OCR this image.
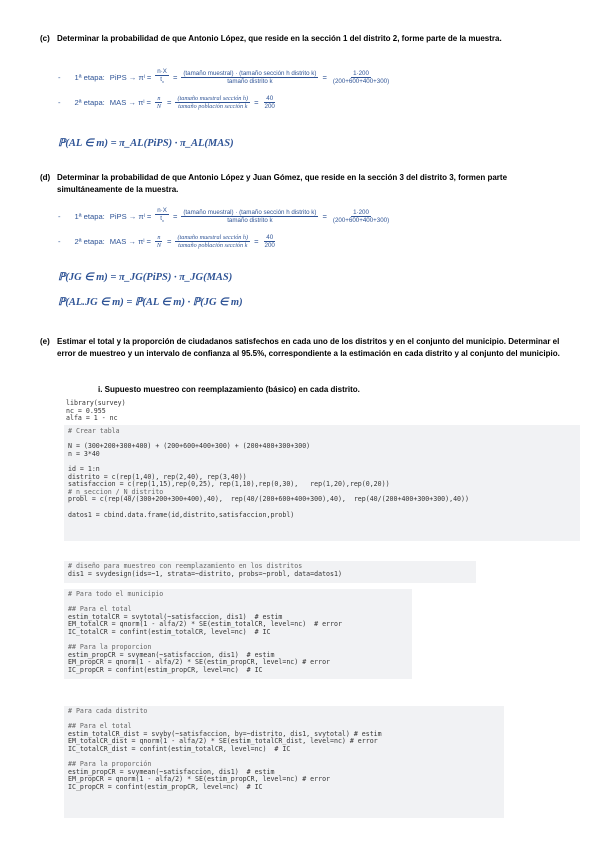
(c) Determinar la probabilidad de que Antonio López, que reside en la sección 1 del distrito 2, forme parte de la muestra.
- 1ª etapa: PiPS → π $i = \frac{n\cdot X}{t_x} = \frac{\text{(tamaño muestral) · (tamaño sección h distrito k)}}{\text{tamaño distrito k}} = \frac{1\cdot 200}{(200+600+400+300)}$
- 2ª etapa: MAS → π $i = \frac{n}{N} = \frac{\text{(tamaño muestral sección h)}}{\text{tamaño población sección k}} = \frac{40}{200}$
ℙ(AL ∈ m) = π_AL(PiPS) · π_AL(MAS)
(d) Determinar la probabilidad de que Antonio López y Juan Gómez, que reside en la sección 3 del distrito 3, formen parte simultáneamente de la muestra.
- 1ª etapa: PiPS → π $i = \frac{n\cdot X}{t_x} = \frac{\text{(tamaño muestral) · (tamaño sección h distrito k)}}{\text{tamaño distrito k}} = \frac{1\cdot 200}{(200+600+400+300)}$
- 2ª etapa: MAS → π $i = \frac{n}{N} = \frac{\text{(tamaño muestral sección h)}}{\text{tamaño población sección k}} = \frac{40}{200}$
ℙ(JG ∈ m) = π_JG(PiPS) · π_JG(MAS)
ℙ(AL.JG ∈ m) = ℙ(AL ∈ m) · ℙ(JG ∈ m)
(e) Estimar el total y la proporción de ciudadanos satisfechos en cada uno de los distritos y en el conjunto del municipio. Determinar el error de muestreo y un intervalo de confianza al 95.5%, correspondiente a la estimación en cada distrito y al conjunto del municipio.
i. Supuesto muestreo con reemplazamiento (básico) en cada distrito.
library(survey)
nc = 0.955
alfa = 1 - nc
# Crear tabla

N = (300+200+300+400) + (200+600+400+300) + (200+400+300+300)
n = 3*40

id = 1:n
distrito = c(rep(1,40), rep(2,40), rep(3,40))
satisfaccion = c(rep(1,15),rep(0,25), rep(1,10),rep(0,30),   rep(1,20),rep(0,20))
# n_seccion / N_distrito
probl = c(rep(40/(300+200+300+400),40),  rep(40/(200+600+400+300),40),  rep(40/(200+400+300+300),40))

datos1 = cbind.data.frame(id,distrito,satisfaccion,probl)
# diseño para muestreo con reemplazamiento en los distritos
dis1 = svydesign(ids=~1, strata=~distrito, probs=~probl, data=datos1)
# Para todo el municipio

## Para el total
estim_totalCR = svytotal(~satisfaccion, dis1)  # estim
EM_totalCR = qnorm(1 - alfa/2) * SE(estim_totalCR, level=nc)  # error
IC_totalCR = confint(estim_totalCR, level=nc)  # IC

## Para la proporcion
estim_propCR = svymean(~satisfaccion, dis1)  # estim
EM_propCR = qnorm(1 - alfa/2) * SE(estim_propCR, level=nc) # error
IC_propCR = confint(estim_propCR, level=nc)  # IC
# Para cada distrito

## Para el total
estim_totalCR_dist = svyby(~satisfaccion, by=~distrito, dis1, svytotal) # estim
EM_totalCR_dist = qnorm(1 - alfa/2) * SE(estim_totalCR_dist, level=nc) # error
IC_totalCR_dist = confint(estim_totalCR, level=nc)  # IC

## Para la proporción
estim_propCR = svymean(~satisfaccion, dis1)  # estim
EM_propCR = qnorm(1 - alfa/2) * SE(estim_propCR, level=nc) # error
IC_propCR = confint(estim_propCR, level=nc)  # IC
